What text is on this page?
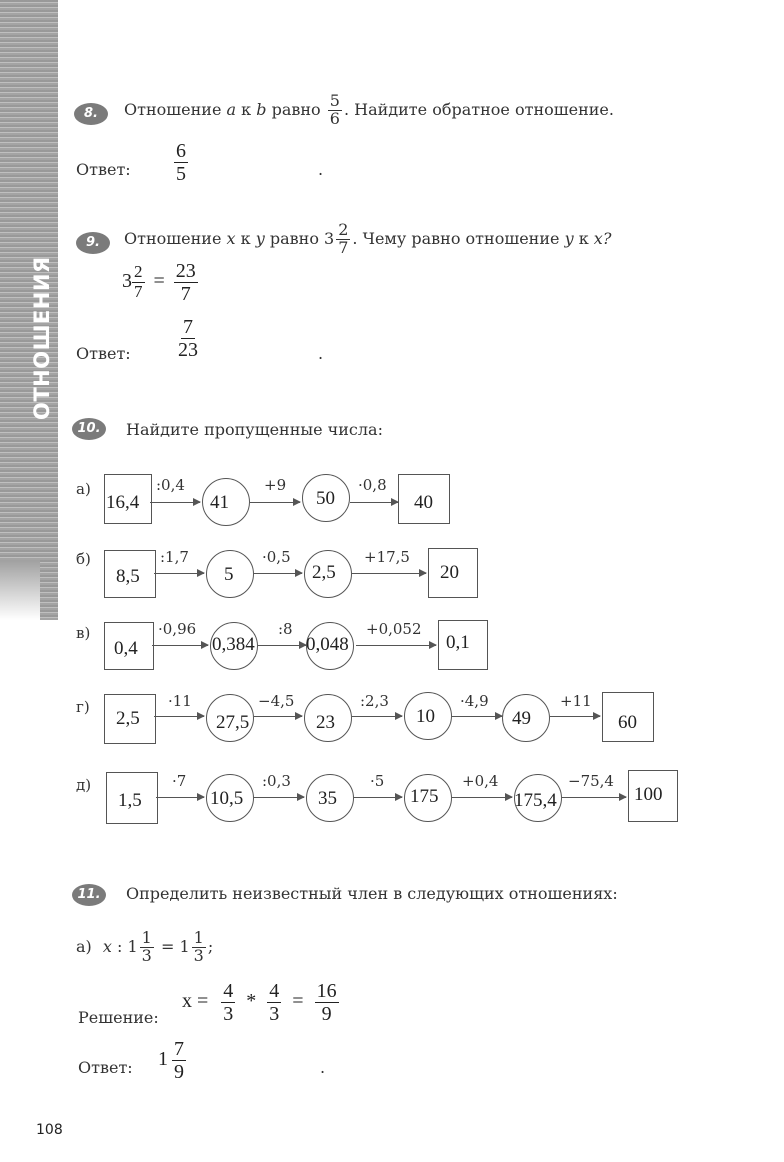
ОТНОШЕНИЯ
8.	Отношение a к b равно $\frac{5}{6}$ . Найдите обратное отношение.
Ответ: $\frac{6}{5}$	.
9.	Отношение x к y равно $3 \frac{2}{7}$ . Чему равно отношение y к x?
$3 \frac{2}{7} = \frac{23}{7}$
Ответ: $\frac{7}{23}$	.
10.	Найдите пропущенные числа:
а)
16,4
:0,4
41
+9
50
·0,8
40
б)
8,5
:1,7
5
·0,5
2,5
+17,5
20
в)
0,4
·0,96
0,384
:8
0,048
+0,052
0,1
г)
2,5
·11
27,5
−4,5
23
:2,3
10
·4,9
49
+11
60
д)
1,5
·7
10,5
:0,3
35
·5
175
+0,4
175,4
−75,4
100
11.	Определить неизвестный член в следующих отношениях:
а) x : $1 \frac{1}{3} = 1 \frac{1}{3}$ ;
Решение:
$x = \frac{4}{3} * \frac{4}{3} = \frac{16}{9}$
Ответ: $1 \frac{7}{9}$	.
108
